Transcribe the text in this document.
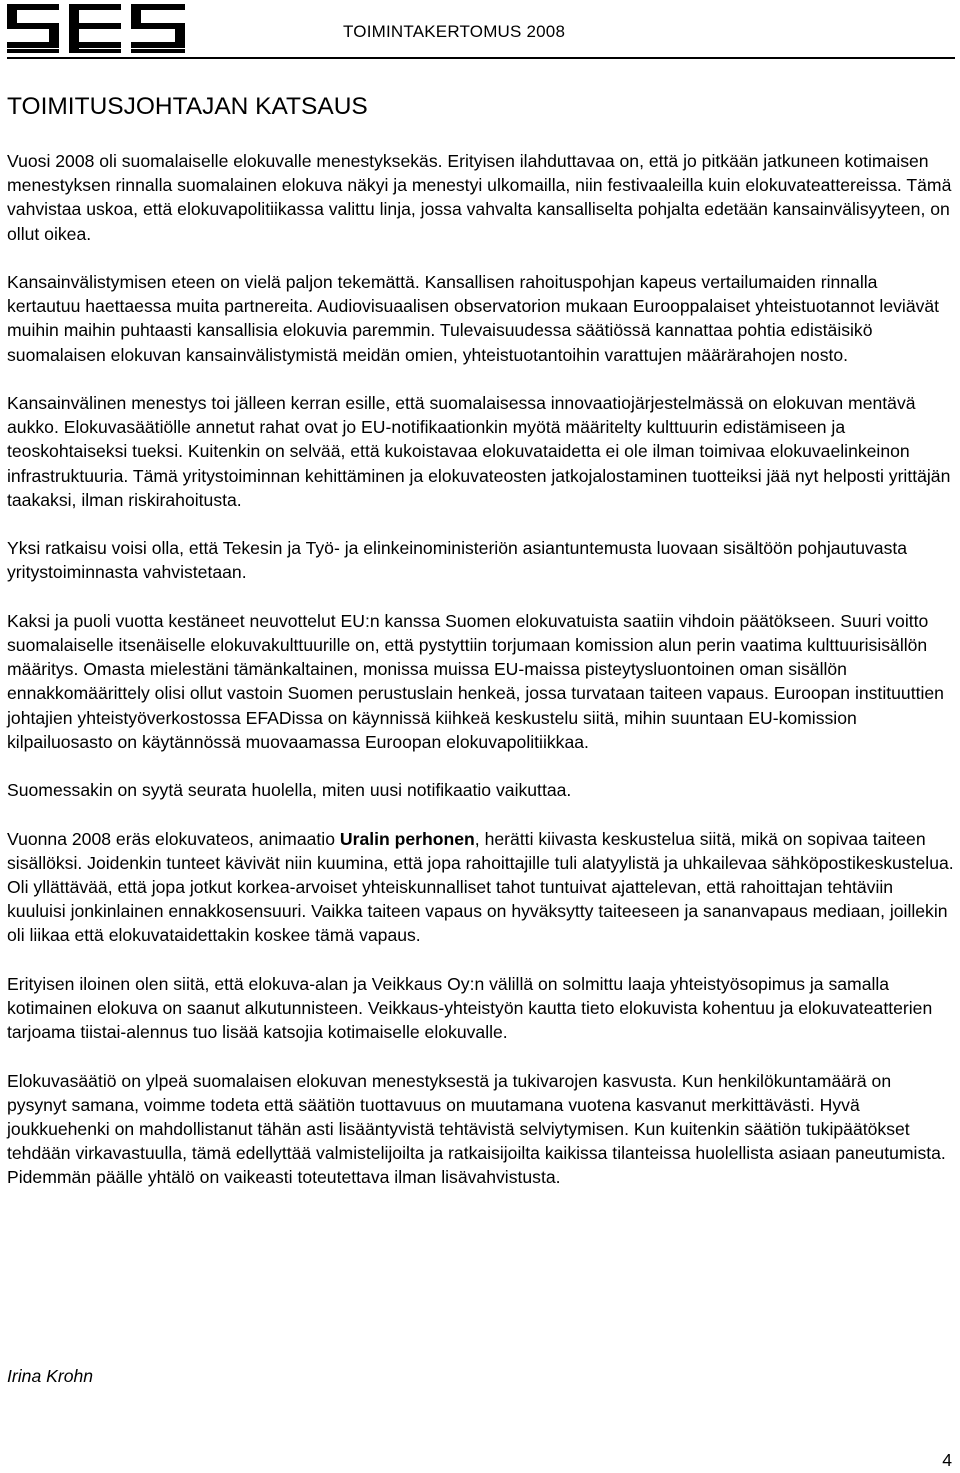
TOIMINTAKERTOMUS 2008
TOIMITUSJOHTAJAN KATSAUS

Vuosi 2008 oli suomalaiselle elokuvalle menestyksekäs. Erityisen ilahduttavaa on, että jo pitkään jatkuneen kotimaisen menestyksen rinnalla suomalainen elokuva näkyi ja menestyi ulkomailla, niin festivaaleilla kuin elokuvateattereissa. Tämä vahvistaa uskoa, että elokuvapolitiikassa valittu linja, jossa vahvalta kansalliselta pohjalta edetään kansainvälisyyteen, on ollut oikea.

Kansainvälistymisen eteen on vielä paljon tekemättä. Kansallisen rahoituspohjan kapeus vertailumaiden rinnalla kertautuu haettaessa muita partnereita. Audiovisuaalisen observatorion mukaan Eurooppalaiset yhteistuotannot leviävät muihin maihin puhtaasti kansallisia elokuvia paremmin. Tulevaisuudessa säätiössä kannattaa pohtia edistäisikö suomalaisen elokuvan kansainvälistymistä meidän omien, yhteistuotantoihin varattujen määrärahojen nosto.

Kansainvälinen menestys toi jälleen kerran esille, että suomalaisessa innovaatiojärjestelmässä on elokuvan mentävä aukko. Elokuvasäätiölle annetut rahat ovat jo EU-notifikaationkin myötä määritelty kulttuurin edistämiseen ja teoskohtaiseksi tueksi. Kuitenkin on selvää, että kukoistavaa elokuvataidetta ei ole ilman toimivaa elokuvaelinkeinon infrastruktuuria. Tämä yritystoiminnan kehittäminen ja elokuvateosten jatkojalostaminen tuotteiksi jää nyt helposti yrittäjän taakaksi, ilman riskirahoitusta.

Yksi ratkaisu voisi olla, että Tekesin ja Työ- ja elinkeinoministeriön asiantuntemusta luovaan sisältöön pohjautuvasta yritystoiminnasta vahvistetaan.

Kaksi ja puoli vuotta kestäneet neuvottelut EU:n kanssa Suomen elokuvatuista saatiin vihdoin päätökseen. Suuri voitto suomalaiselle itsenäiselle elokuvakulttuurille on, että pystyttiin torjumaan komission alun perin vaatima kulttuurisisällön määritys. Omasta mielestäni tämänkaltainen, monissa muissa EU-maissa pisteytysluontoinen oman sisällön ennakkomäärittely olisi ollut vastoin Suomen perustuslain henkeä, jossa turvataan taiteen vapaus. Euroopan instituuttien johtajien yhteistyöverkostossa EFADissa on käynnissä kiihkeä keskustelu siitä, mihin suuntaan EU-komission kilpailuosasto on käytännössä muovaamassa Euroopan elokuvapolitiikkaa.

Suomessakin on syytä seurata huolella, miten uusi notifikaatio vaikuttaa.

Vuonna 2008 eräs elokuvateos, animaatio Uralin perhonen, herätti kiivasta keskustelua siitä, mikä on sopivaa taiteen sisällöksi. Joidenkin tunteet kävivät niin kuumina, että jopa rahoittajille tuli alatyylistä ja uhkailevaa sähköpostikeskustelua. Oli yllättävää, että jopa jotkut korkea-arvoiset yhteiskunnalliset tahot tuntuivat ajattelevan, että rahoittajan tehtäviin kuuluisi jonkinlainen ennakkosensuuri. Vaikka taiteen vapaus on hyväksytty taiteeseen ja sananvapaus mediaan, joillekin oli liikaa että elokuvataidettakin koskee tämä vapaus.

Erityisen iloinen olen siitä, että elokuva-alan ja Veikkaus Oy:n välillä on solmittu laaja yhteistyösopimus ja samalla kotimainen elokuva on saanut alkutunnisteen. Veikkaus-yhteistyön kautta tieto elokuvista kohentuu ja elokuvateatterien tarjoama tiistai-alennus tuo lisää katsojia kotimaiselle elokuvalle.

Elokuvasäätiö on ylpeä suomalaisen elokuvan menestyksestä ja tukivarojen kasvusta. Kun henkilökuntamäärä on pysynyt samana, voimme todeta että säätiön tuottavuus on muutamana vuotena kasvanut merkittävästi. Hyvä joukkuehenki on mahdollistanut tähän asti lisääntyvistä tehtävistä selviytymisen. Kun kuitenkin säätiön tukipäätökset tehdään virkavastuulla, tämä edellyttää valmistelijoilta ja ratkaisijoilta kaikissa tilanteissa huolellista asiaan paneutumista. Pidemmän päälle yhtälö on vaikeasti toteutettava ilman lisävahvistusta.

Irina Krohn
4
